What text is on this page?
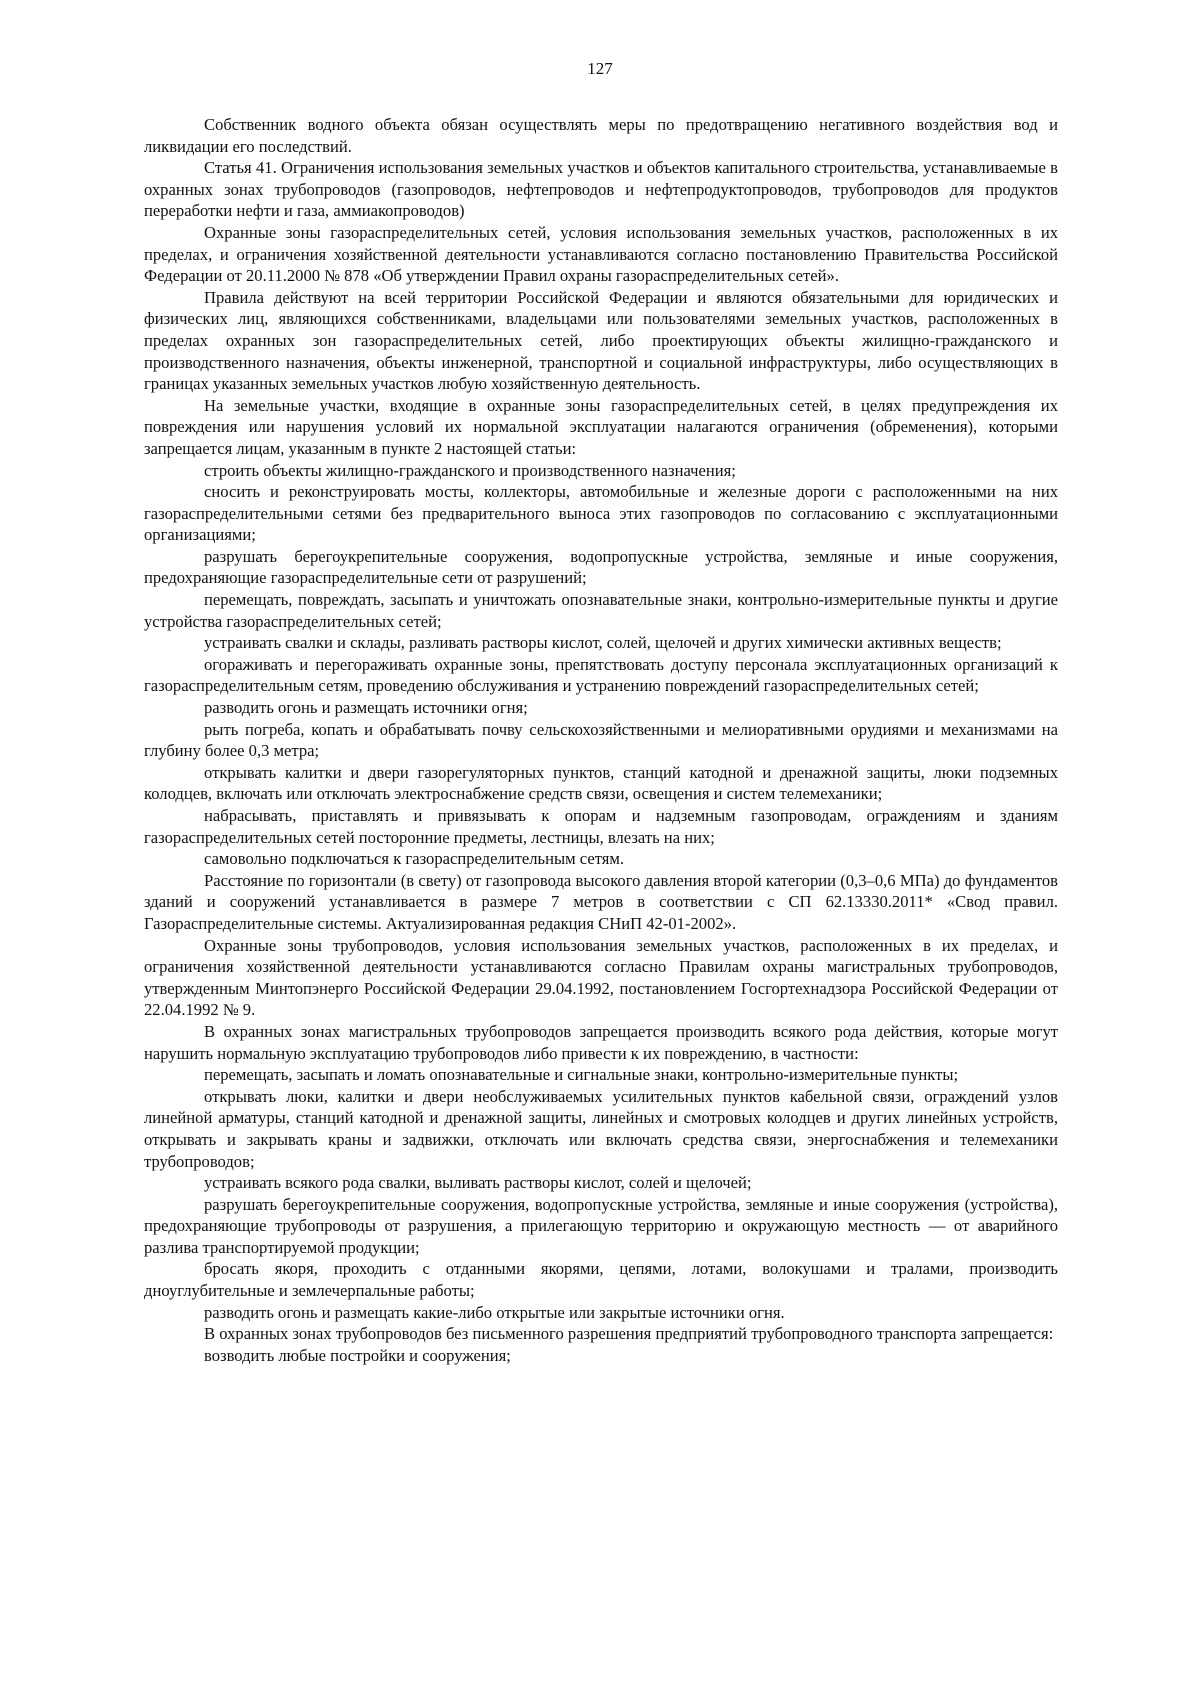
127

Собственник водного объекта обязан осуществлять меры по предотвращению негативного воздействия вод и ликвидации его последствий.

Статья 41. Ограничения использования земельных участков и объектов капитального строительства, устанавливаемые в охранных зонах трубопроводов (газопроводов, нефтепроводов и нефтепродуктопроводов, трубопроводов для продуктов переработки нефти и газа, аммиакопроводов)

Охранные зоны газораспределительных сетей, условия использования земельных участков, расположенных в их пределах, и ограничения хозяйственной деятельности устанавливаются согласно постановлению Правительства Российской Федерации от 20.11.2000 № 878 «Об утверждении Правил охраны газораспределительных сетей».

Правила действуют на всей территории Российской Федерации и являются обязательными для юридических и физических лиц, являющихся собственниками, владельцами или пользователями земельных участков, расположенных в пределах охранных зон газораспределительных сетей, либо проектирующих объекты жилищно-гражданского и производственного назначения, объекты инженерной, транспортной и социальной инфраструктуры, либо осуществляющих в границах указанных земельных участков любую хозяйственную деятельность.

На земельные участки, входящие в охранные зоны газораспределительных сетей, в целях предупреждения их повреждения или нарушения условий их нормальной эксплуатации налагаются ограничения (обременения), которыми запрещается лицам, указанным в пункте 2 настоящей статьи:

строить объекты жилищно-гражданского и производственного назначения;

сносить и реконструировать мосты, коллекторы, автомобильные и железные дороги с расположенными на них газораспределительными сетями без предварительного выноса этих газопроводов по согласованию с эксплуатационными организациями;

разрушать берегоукрепительные сооружения, водопропускные устройства, земляные и иные сооружения, предохраняющие газораспределительные сети от разрушений;

перемещать, повреждать, засыпать и уничтожать опознавательные знаки, контрольно-измерительные пункты и другие устройства газораспределительных сетей;

устраивать свалки и склады, разливать растворы кислот, солей, щелочей и других химически активных веществ;

огораживать и перегораживать охранные зоны, препятствовать доступу персонала эксплуатационных организаций к газораспределительным сетям, проведению обслуживания и устранению повреждений газораспределительных сетей;

разводить огонь и размещать источники огня;

рыть погреба, копать и обрабатывать почву сельскохозяйственными и мелиоративными орудиями и механизмами на глубину более 0,3 метра;

открывать калитки и двери газорегуляторных пунктов, станций катодной и дренажной защиты, люки подземных колодцев, включать или отключать электроснабжение средств связи, освещения и систем телемеханики;

набрасывать, приставлять и привязывать к опорам и надземным газопроводам, ограждениям и зданиям газораспределительных сетей посторонние предметы, лестницы, влезать на них;

самовольно подключаться к газораспределительным сетям.

Расстояние по горизонтали (в свету) от газопровода высокого давления второй категории (0,3–0,6 МПа) до фундаментов зданий и сооружений устанавливается в размере 7 метров в соответствии с СП 62.13330.2011* «Свод правил. Газораспределительные системы. Актуализированная редакция СНиП 42-01-2002».

Охранные зоны трубопроводов, условия использования земельных участков, расположенных в их пределах, и ограничения хозяйственной деятельности устанавливаются согласно Правилам охраны магистральных трубопроводов, утвержденным Минтопэнерго Российской Федерации 29.04.1992, постановлением Госгортехнадзора Российской Федерации от 22.04.1992 № 9.

В охранных зонах магистральных трубопроводов запрещается производить всякого рода действия, которые могут нарушить нормальную эксплуатацию трубопроводов либо привести к их повреждению, в частности:

перемещать, засыпать и ломать опознавательные и сигнальные знаки, контрольно-измерительные пункты;

открывать люки, калитки и двери необслуживаемых усилительных пунктов кабельной связи, ограждений узлов линейной арматуры, станций катодной и дренажной защиты, линейных и смотровых колодцев и других линейных устройств, открывать и закрывать краны и задвижки, отключать или включать средства связи, энергоснабжения и телемеханики трубопроводов;

устраивать всякого рода свалки, выливать растворы кислот, солей и щелочей;

разрушать берегоукрепительные сооружения, водопропускные устройства, земляные и иные сооружения (устройства), предохраняющие трубопроводы от разрушения, а прилегающую территорию и окружающую местность — от аварийного разлива транспортируемой продукции;

бросать якоря, проходить с отданными якорями, цепями, лотами, волокушами и тралами, производить дноуглубительные и землечерпальные работы;

разводить огонь и размещать какие-либо открытые или закрытые источники огня.

В охранных зонах трубопроводов без письменного разрешения предприятий трубопроводного транспорта запрещается:

возводить любые постройки и сооружения;
